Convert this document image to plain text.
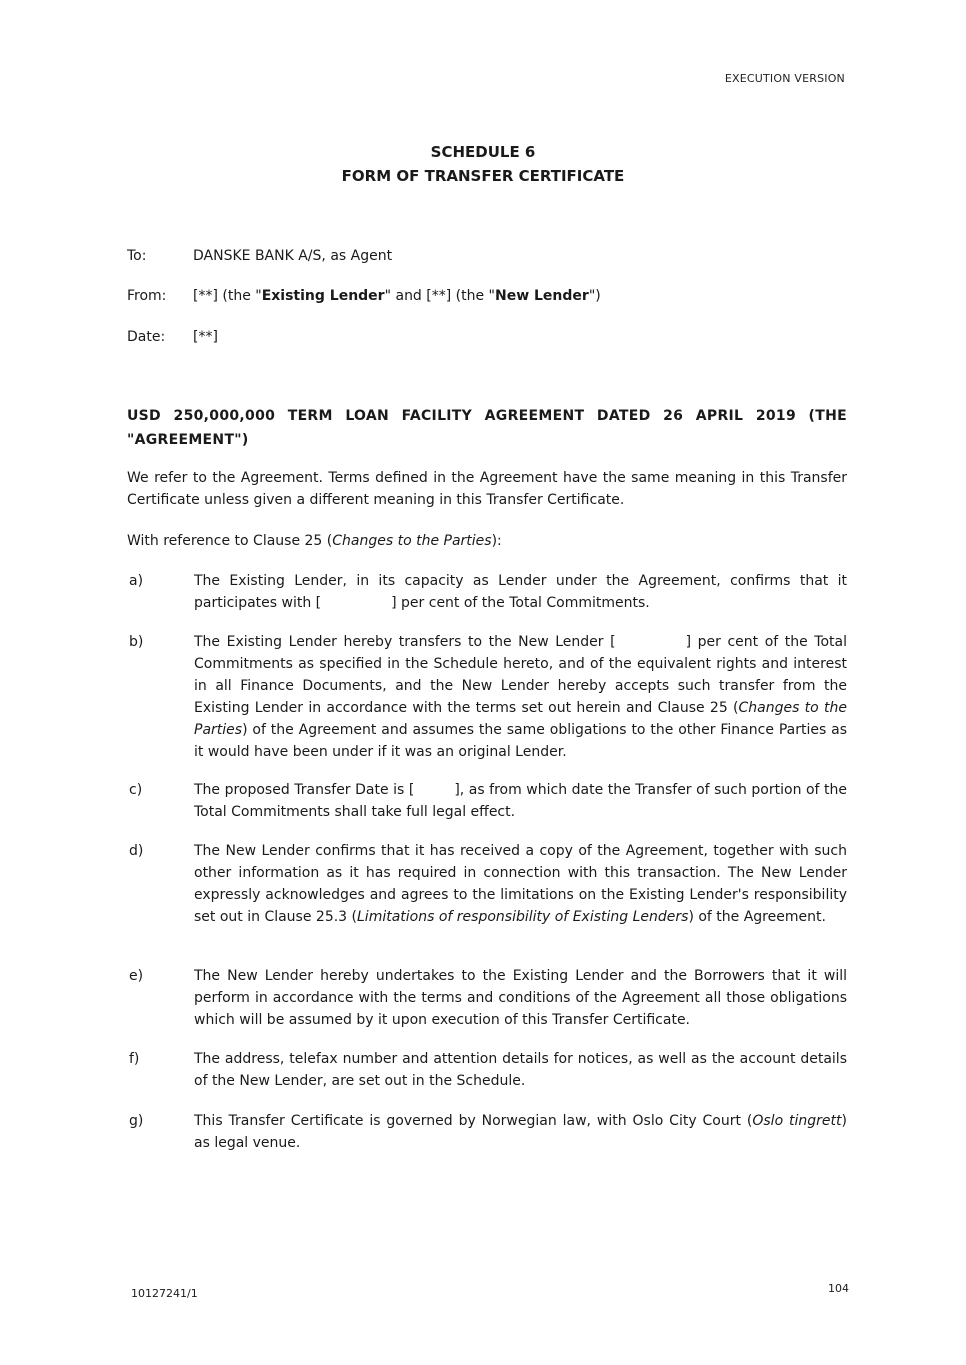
EXECUTION VERSION
SCHEDULE 6
FORM OF TRANSFER CERTIFICATE
To:	DANSKE BANK A/S, as Agent
From: [**] (the "Existing Lender" and [**] (the "New Lender")
Date: [**]
USD 250,000,000 TERM LOAN FACILITY AGREEMENT DATED 26 APRIL 2019 (THE "AGREEMENT")
We refer to the Agreement. Terms defined in the Agreement have the same meaning in this Transfer Certificate unless given a different meaning in this Transfer Certificate.
With reference to Clause 25 (Changes to the Parties):
a)	The Existing Lender, in its capacity as Lender under the Agreement, confirms that it participates with [	] per cent of the Total Commitments.
b)	The Existing Lender hereby transfers to the New Lender [	] per cent of the Total Commitments as specified in the Schedule hereto, and of the equivalent rights and interest in all Finance Documents, and the New Lender hereby accepts such transfer from the Existing Lender in accordance with the terms set out herein and Clause 25 (Changes to the Parties) of the Agreement and assumes the same obligations to the other Finance Parties as it would have been under if it was an original Lender.
c)	The proposed Transfer Date is [	], as from which date the Transfer of such portion of the Total Commitments shall take full legal effect.
d)	The New Lender confirms that it has received a copy of the Agreement, together with such other information as it has required in connection with this transaction. The New Lender expressly acknowledges and agrees to the limitations on the Existing Lender's responsibility set out in Clause 25.3 (Limitations of responsibility of Existing Lenders) of the Agreement.
e)	The New Lender hereby undertakes to the Existing Lender and the Borrowers that it will perform in accordance with the terms and conditions of the Agreement all those obligations which will be assumed by it upon execution of this Transfer Certificate.
f)	The address, telefax number and attention details for notices, as well as the account details of the New Lender, are set out in the Schedule.
g)	This Transfer Certificate is governed by Norwegian law, with Oslo City Court (Oslo tingrett) as legal venue.
10127241/1	104
